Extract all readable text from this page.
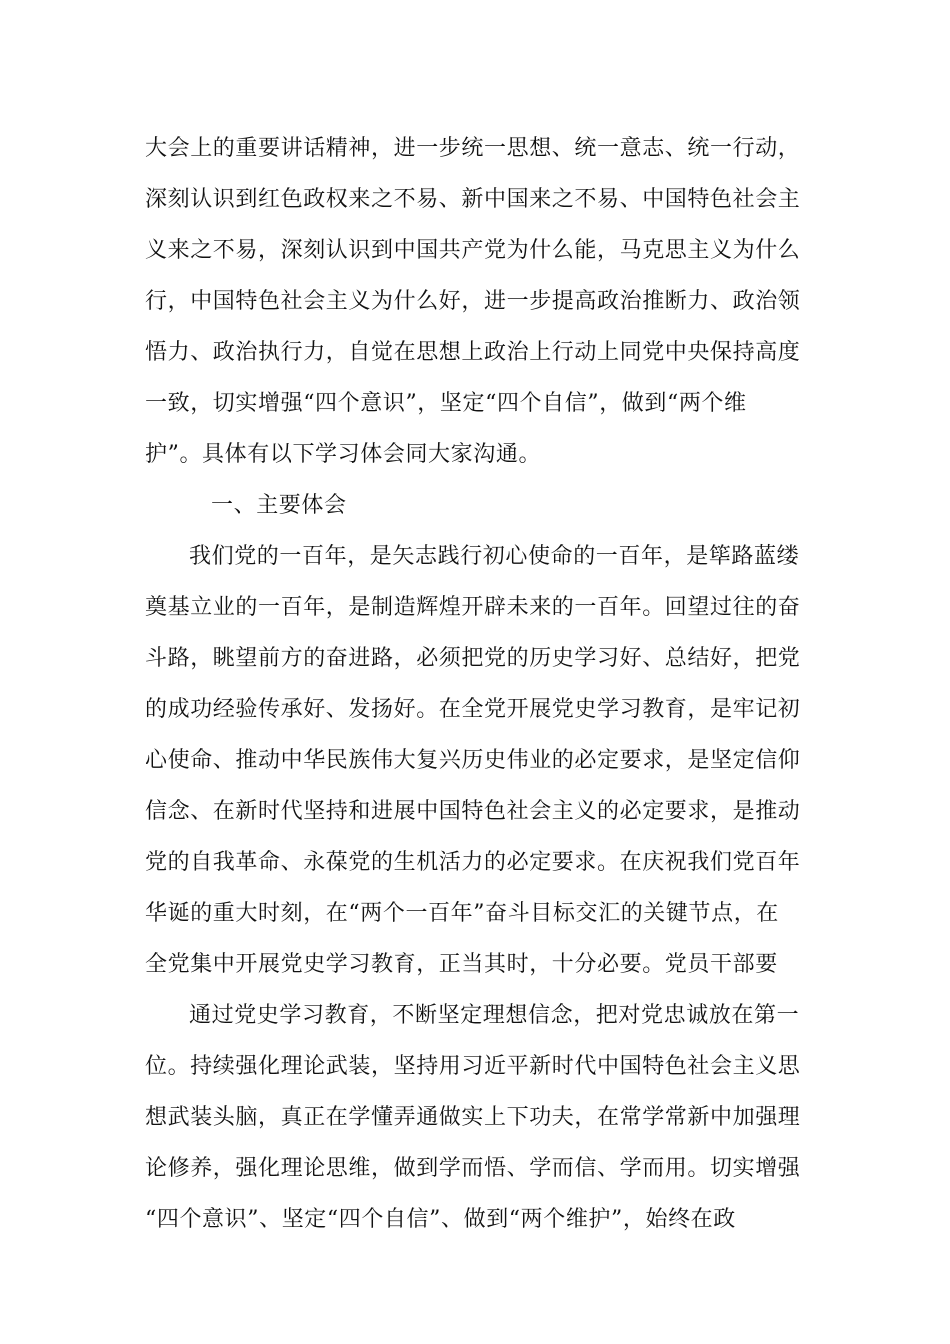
大会上的重要讲话精神，进一步统一思想、统一意志、统一行动，
深刻认识到红色政权来之不易、新中国来之不易、中国特色社会主
义来之不易，深刻认识到中国共产党为什么能，马克思主义为什么
行，中国特色社会主义为什么好，进一步提高政治推断力、政治领
悟力、政治执行力，自觉在思想上政治上行动上同党中央保持高度
一致，切实增强“四个意识”，坚定“四个自信”，做到“两个维
护”。具体有以下学习体会同大家沟通。
一、主要体会
我们党的一百年，是矢志践行初心使命的一百年，是筚路蓝缕
奠基立业的一百年，是制造辉煌开辟未来的一百年。回望过往的奋
斗路，眺望前方的奋进路，必须把党的历史学习好、总结好，把党
的成功经验传承好、发扬好。在全党开展党史学习教育，是牢记初
心使命、推动中华民族伟大复兴历史伟业的必定要求，是坚定信仰
信念、在新时代坚持和进展中国特色社会主义的必定要求，是推动
党的自我革命、永葆党的生机活力的必定要求。在庆祝我们党百年
华诞的重大时刻，在“两个一百年”奋斗目标交汇的关键节点，在
全党集中开展党史学习教育，正当其时，十分必要。党员干部要
通过党史学习教育，不断坚定理想信念，把对党忠诚放在第一
位。持续强化理论武装，坚持用习近平新时代中国特色社会主义思
想武装头脑，真正在学懂弄通做实上下功夫，在常学常新中加强理
论修养，强化理论思维，做到学而悟、学而信、学而用。切实增强
“四个意识”、坚定“四个自信”、做到“两个维护”，始终在政
